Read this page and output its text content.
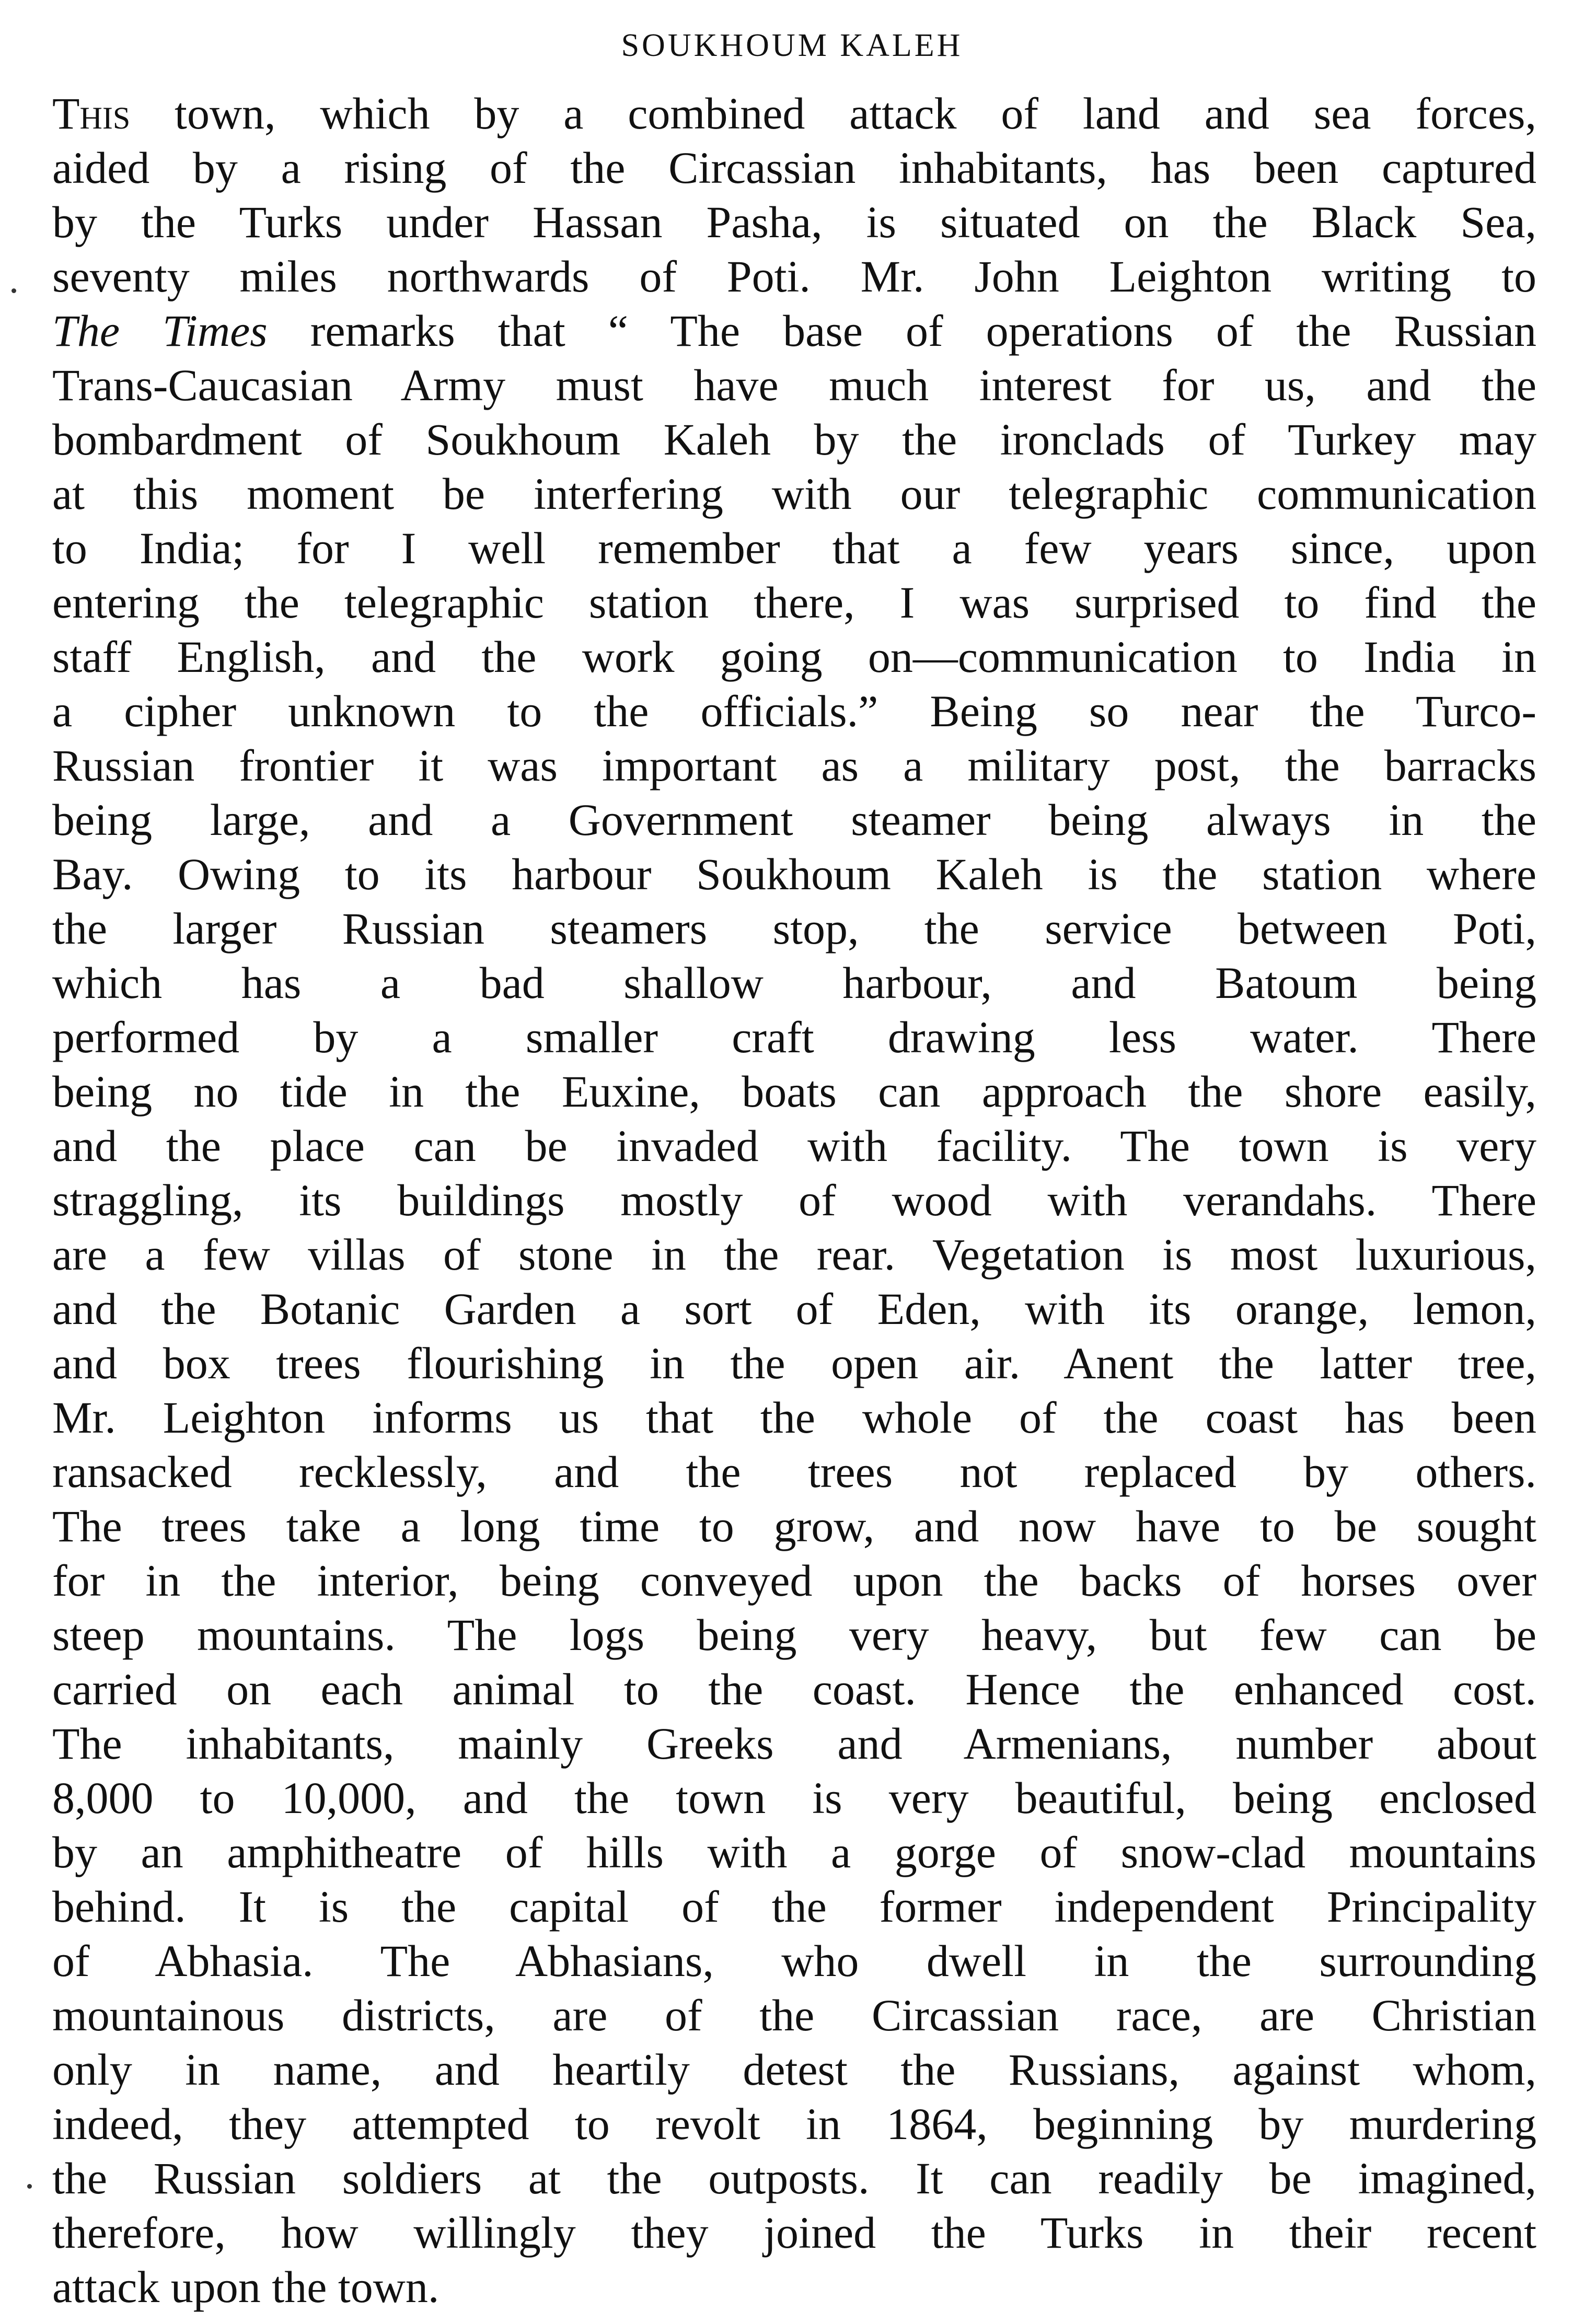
SOUKHOUM KALEH
This town, which by a combined attack of land and sea forces,
aided by a rising of the Circassian inhabitants, has been captured
by the Turks under Hassan Pasha, is situated on the Black Sea,
seventy miles northwards of Poti. Mr. John Leighton writing to
The Times remarks that “ The base of operations of the Russian
Trans-Caucasian Army must have much interest for us, and the
bombardment of Soukhoum Kaleh by the ironclads of Turkey may
at this moment be interfering with our telegraphic communication
to India; for I well remember that a few years since, upon
entering the telegraphic station there, I was surprised to find the
staff English, and the work going on—communication to India in
a cipher unknown to the officials.” Being so near the Turco-
Russian frontier it was important as a military post, the barracks
being large, and a Government steamer being always in the
Bay. Owing to its harbour Soukhoum Kaleh is the station where
the larger Russian steamers stop, the service between Poti,
which has a bad shallow harbour, and Batoum being
performed by a smaller craft drawing less water. There
being no tide in the Euxine, boats can approach the shore easily,
and the place can be invaded with facility. The town is very
straggling, its buildings mostly of wood with verandahs. There
are a few villas of stone in the rear. Vegetation is most luxurious,
and the Botanic Garden a sort of Eden, with its orange, lemon,
and box trees flourishing in the open air. Anent the latter tree,
Mr. Leighton informs us that the whole of the coast has been
ransacked recklessly, and the trees not replaced by others.
The trees take a long time to grow, and now have to be sought
for in the interior, being conveyed upon the backs of horses over
steep mountains. The logs being very heavy, but few can be
carried on each animal to the coast. Hence the enhanced cost.
The inhabitants, mainly Greeks and Armenians, number about
8,000 to 10,000, and the town is very beautiful, being enclosed
by an amphitheatre of hills with a gorge of snow-clad mountains
behind. It is the capital of the former independent Principality
of Abhasia. The Abhasians, who dwell in the surrounding
mountainous districts, are of the Circassian race, are Christian
only in name, and heartily detest the Russians, against whom,
indeed, they attempted to revolt in 1864, beginning by murdering
the Russian soldiers at the outposts. It can readily be imagined,
therefore, how willingly they joined the Turks in their recent
attack upon the town.
